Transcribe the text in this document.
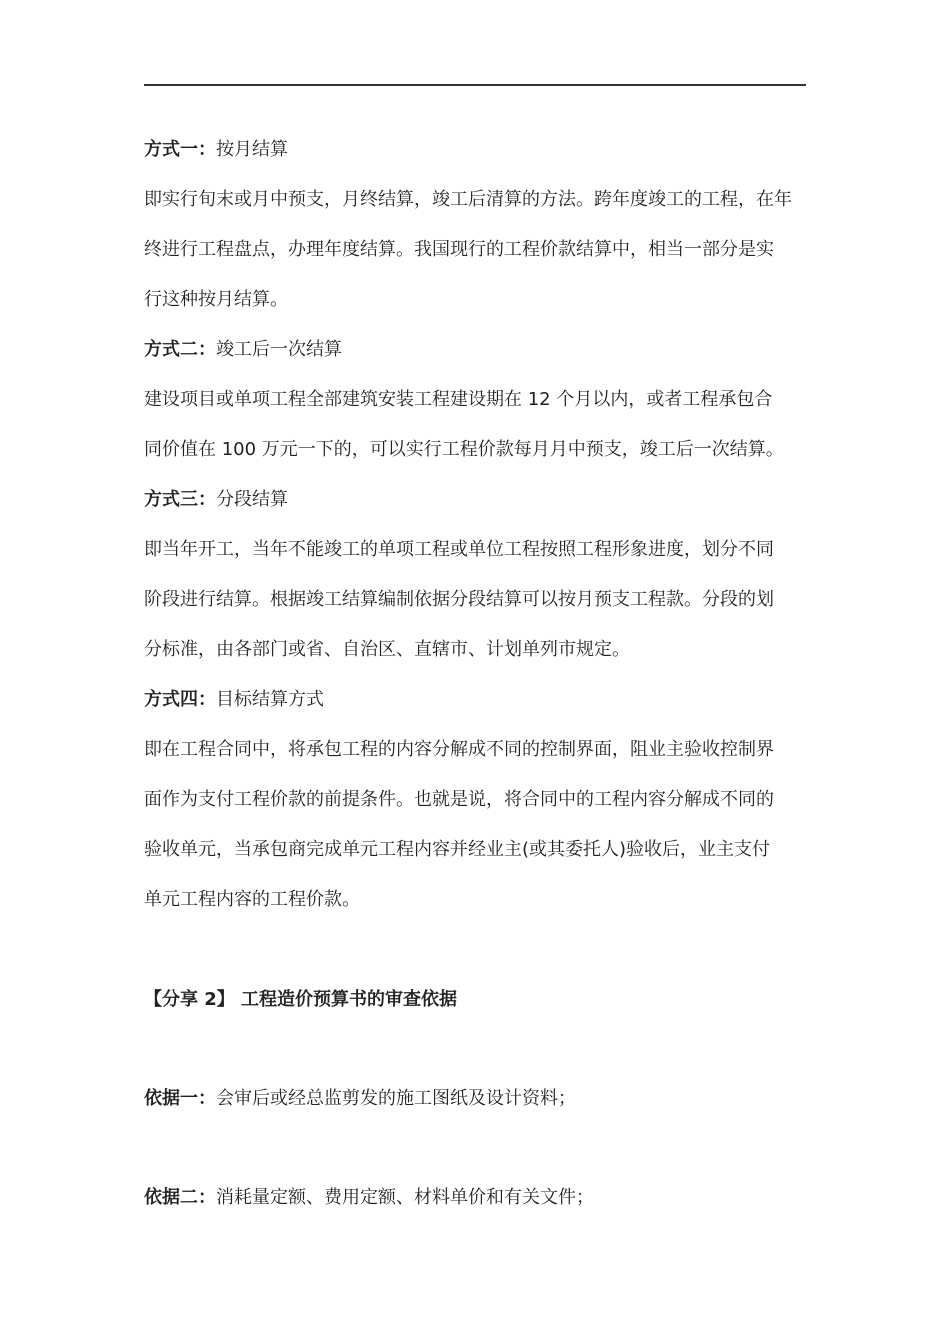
方式一：按月结算
即实行旬末或月中预支，月终结算，竣工后清算的方法。跨年度竣工的工程，在年
终进行工程盘点，办理年度结算。我国现行的工程价款结算中，相当一部分是实
行这种按月结算。
方式二：竣工后一次结算
建设项目或单项工程全部建筑安装工程建设期在 12 个月以内，或者工程承包合
同价值在 100 万元一下的，可以实行工程价款每月月中预支，竣工后一次结算。
方式三：分段结算
即当年开工，当年不能竣工的单项工程或单位工程按照工程形象进度，划分不同
阶段进行结算。根据竣工结算编制依据分段结算可以按月预支工程款。分段的划
分标准，由各部门或省、自治区、直辖市、计划单列市规定。
方式四：目标结算方式
即在工程合同中，将承包工程的内容分解成不同的控制界面，阻业主验收控制界
面作为支付工程价款的前提条件。也就是说，将合同中的工程内容分解成不同的
验收单元，当承包商完成单元工程内容并经业主(或其委托人)验收后，业主支付
单元工程内容的工程价款。
【分享 2】 工程造价预算书的审查依据
依据一：会审后或经总监剪发的施工图纸及设计资料；
依据二：消耗量定额、费用定额、材料单价和有关文件；
